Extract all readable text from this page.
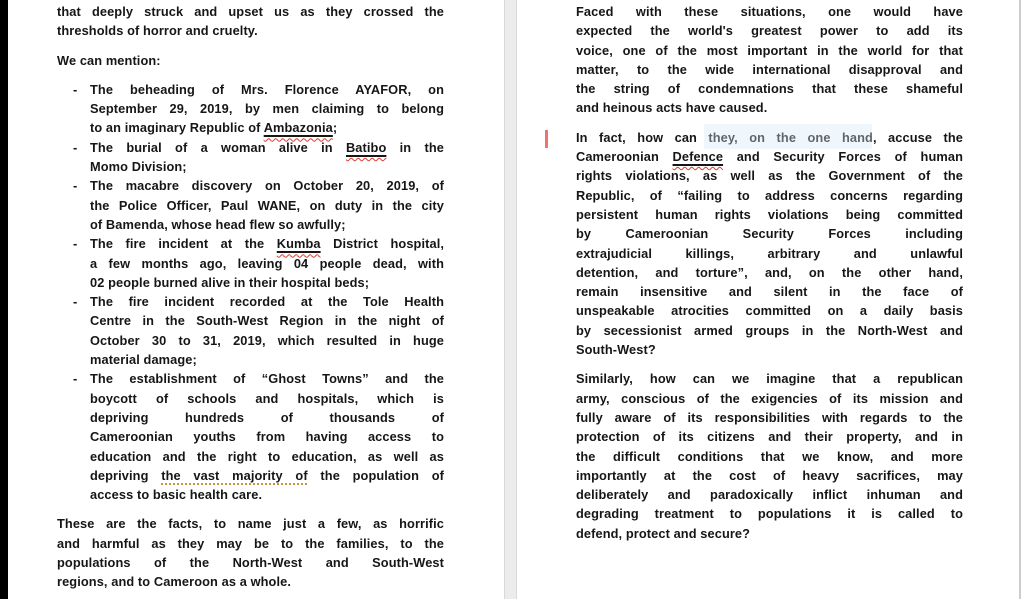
that deeply struck and upset us as they crossed the
thresholds of horror and cruelty.
We can mention:
- The beheading of Mrs. Florence AYAFOR, on
September 29, 2019, by men claiming to belong
to an imaginary Republic of Ambazonia;
- The burial of a woman alive in Batibo in the
Momo Division;
- The macabre discovery on October 20, 2019, of
the Police Officer, Paul WANE, on duty in the city
of Bamenda, whose head flew so awfully;
- The fire incident at the Kumba District hospital,
a few months ago, leaving 04 people dead, with
02 people burned alive in their hospital beds;
- The fire incident recorded at the Tole Health
Centre in the South-West Region in the night of
October 30 to 31, 2019, which resulted in huge
material damage;
- The establishment of “Ghost Towns” and the
boycott of schools and hospitals, which is
depriving hundreds of thousands of
Cameroonian youths from having access to
education and the right to education, as well as
depriving the vast majority of the population of
access to basic health care.
These are the facts, to name just a few, as horrific
and harmful as they may be to the families, to the
populations of the North-West and South-West
regions, and to Cameroon as a whole.
Faced with these situations, one would have
expected the world's greatest power to add its
voice, one of the most important in the world for that
matter, to the wide international disapproval and
the string of condemnations that these shameful
and heinous acts have caused.
In fact, how can they, on the one hand, accuse the
Cameroonian Defence and Security Forces of human
rights violations, as well as the Government of the
Republic, of “failing to address concerns regarding
persistent human rights violations being committed
by Cameroonian Security Forces including
extrajudicial killings, arbitrary and unlawful
detention, and torture”, and, on the other hand,
remain insensitive and silent in the face of
unspeakable atrocities committed on a daily basis
by secessionist armed groups in the North-West and
South-West?
Similarly, how can we imagine that a republican
army, conscious of the exigencies of its mission and
fully aware of its responsibilities with regards to the
protection of its citizens and their property, and in
the difficult conditions that we know, and more
importantly at the cost of heavy sacrifices, may
deliberately and paradoxically inflict inhuman and
degrading treatment to populations it is called to
defend, protect and secure?
